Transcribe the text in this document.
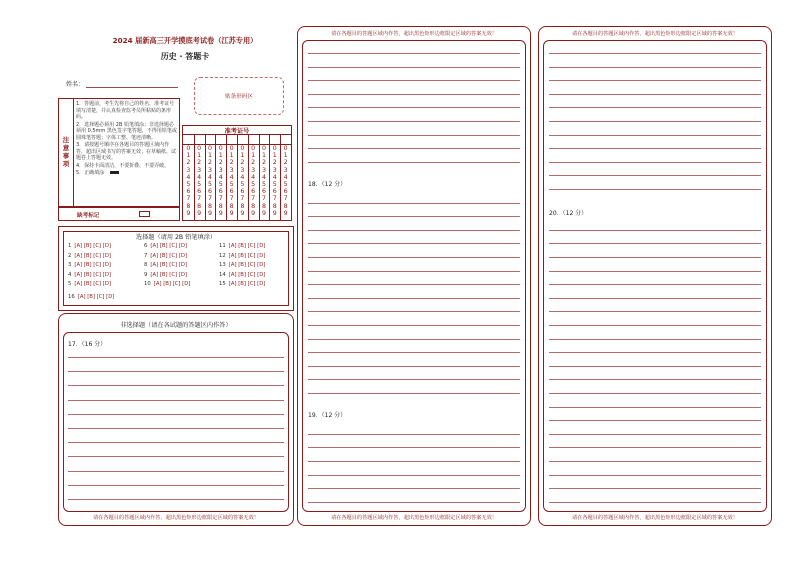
2024 届新高三开学摸底考试卷（江苏专用）
历史 · 答题卡
姓名：
贴条形码区
注
意
事
项
1．答题前，考生先将自己的姓名、准考证号填写清楚，并认真检查监考员所粘贴的条形码。
2．选择题必须用 2B 铅笔填涂；非选择题必须用 0.5mm 黑色签字笔答题，不得用铅笔或圆珠笔答题；字体工整、笔迹清晰。
3．请按题号顺序在各题目的答题区域内作答，超出区域书写的答案无效；在草稿纸、试题卷上答题无效。
4．保持卡面清洁，不要折叠、不要弄破。
5．正确填涂
准考证号
0
1
2
3
4
5
6
7
8
9
0
1
2
3
4
5
6
7
8
9
0
1
2
3
4
5
6
7
8
9
0
1
2
3
4
5
6
7
8
9
0
1
2
3
4
5
6
7
8
9
0
1
2
3
4
5
6
7
8
9
0
1
2
3
4
5
6
7
8
9
0
1
2
3
4
5
6
7
8
9
0
1
2
3
4
5
6
7
8
9
0
1
2
3
4
5
6
7
8
9
缺考标记
选择题（请用 2B 铅笔填涂）
1 [A] [B] [C] [D]
2 [A] [B] [C] [D]
3 [A] [B] [C] [D]
4 [A] [B] [C] [D]
5 [A] [B] [C] [D]
6 [A] [B] [C] [D]
7 [A] [B] [C] [D]
8 [A] [B] [C] [D]
9 [A] [B] [C] [D]
10 [A] [B] [C] [D]
11 [A] [B] [C] [D]
12 [A] [B] [C] [D]
13 [A] [B] [C] [D]
14 [A] [B] [C] [D]
15 [A] [B] [C] [D]
16 [A] [B] [C] [D]
非选择题（请在各试题的答题区内作答）
17．（16 分）
请在各题目的答题区域内作答，超出黑色矩形边框限定区域的答案无效！
请在各题目的答题区域内作答，超出黑色矩形边框限定区域的答案无效！
请在各题目的答题区域内作答，超出黑色矩形边框限定区域的答案无效！
18．（12 分）
19．（12 分）
请在各题目的答题区域内作答，超出黑色矩形边框限定区域的答案无效！
请在各题目的答题区域内作答，超出黑色矩形边框限定区域的答案无效！
20．（12 分）
